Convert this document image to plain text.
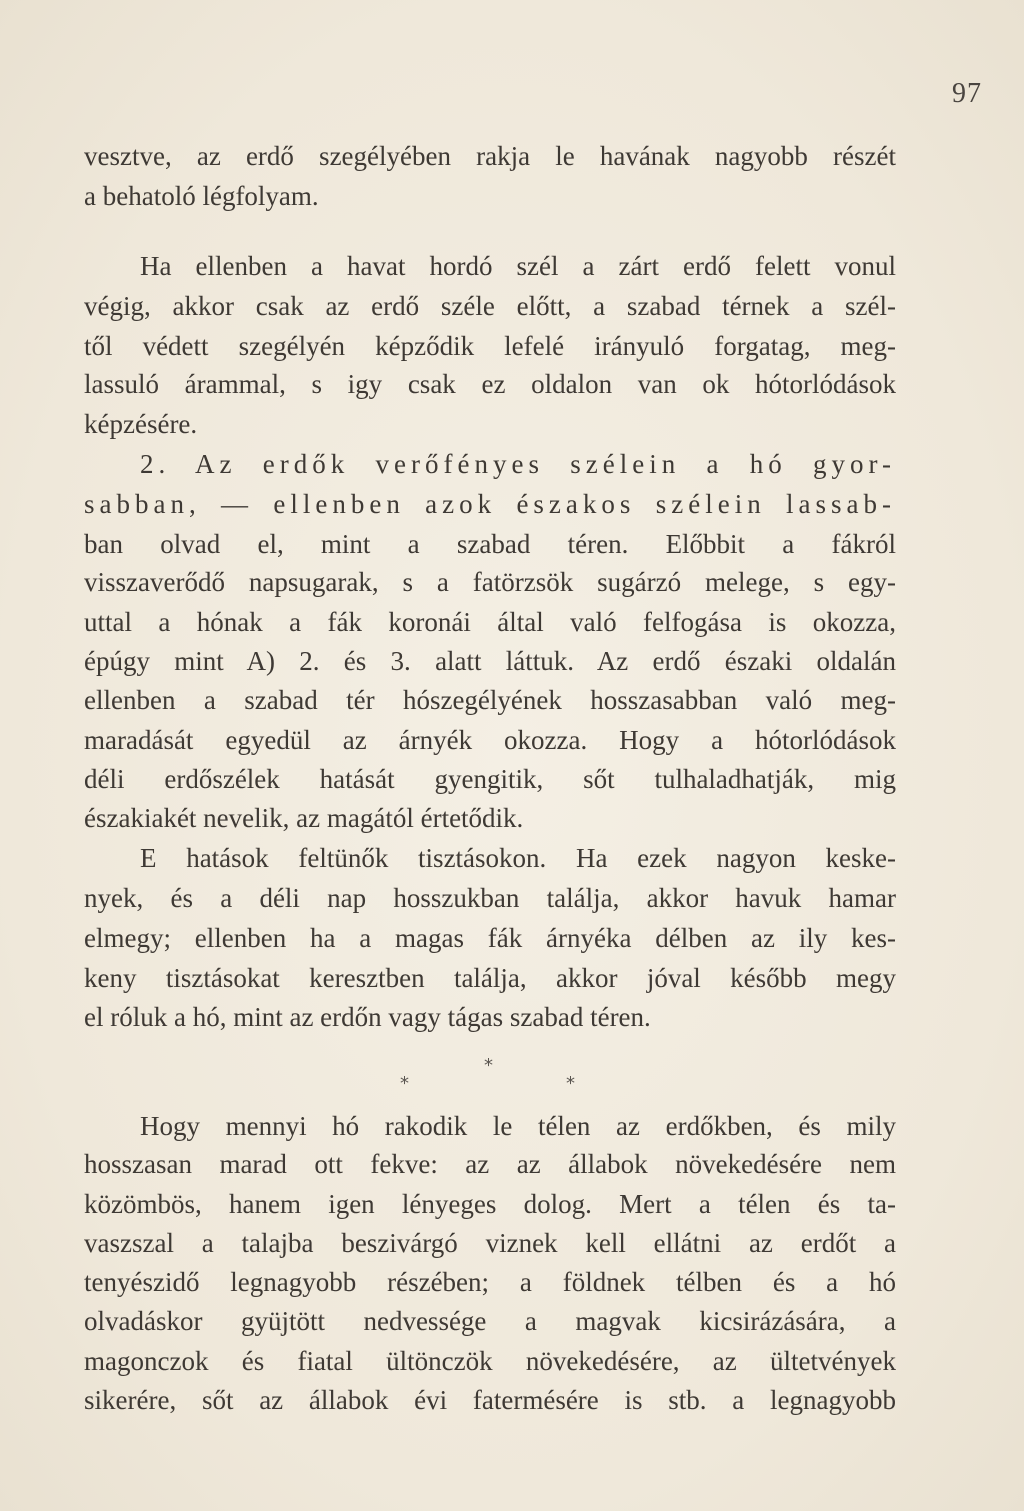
97
vesztve, az erdő szegélyében rakja le havának nagyobb részét
a behatoló légfolyam.
Ha ellenben a havat hordó szél a zárt erdő felett vonul
végig, akkor csak az erdő széle előtt, a szabad térnek a szél-
től védett szegélyén képződik lefelé irányuló forgatag, meg-
lassuló árammal, s igy csak ez oldalon van ok hótorlódások
képzésére.
2. Az erdők verőfényes szélein a hó gyor-
sabban, — ellenben azok északos szélein lassab-
ban olvad el, mint a szabad téren. Előbbit a fákról
visszaverődő napsugarak, s a fatörzsök sugárzó melege, s egy-
uttal a hónak a fák koronái által való felfogása is okozza,
épúgy mint A) 2. és 3. alatt láttuk. Az erdő északi oldalán
ellenben a szabad tér hószegélyének hosszasabban való meg-
maradását egyedül az árnyék okozza. Hogy a hótorlódások
déli erdőszélek hatását gyengitik, sőt tulhaladhatják, mig
északiakét nevelik, az magától értetődik.
E hatások feltünők tisztásokon. Ha ezek nagyon keske-
nyek, és a déli nap hosszukban találja, akkor havuk hamar
elmegy; ellenben ha a magas fák árnyéka délben az ily kes-
keny tisztásokat keresztben találja, akkor jóval később megy
el róluk a hó, mint az erdőn vagy tágas szabad téren.
*
*	*
Hogy mennyi hó rakodik le télen az erdőkben, és mily
hosszasan marad ott fekve: az az állabok növekedésére nem
közömbös, hanem igen lényeges dolog. Mert a télen és ta-
vaszszal a talajba beszivárgó viznek kell ellátni az erdőt a
tenyészidő legnagyobb részében; a földnek télben és a hó
olvadáskor gyüjtött nedvessége a magvak kicsirázására, a
magonczok és fiatal ültönczök növekedésére, az ültetvények
sikerére, sőt az állabok évi fatermésére is stb. a legnagyobb
